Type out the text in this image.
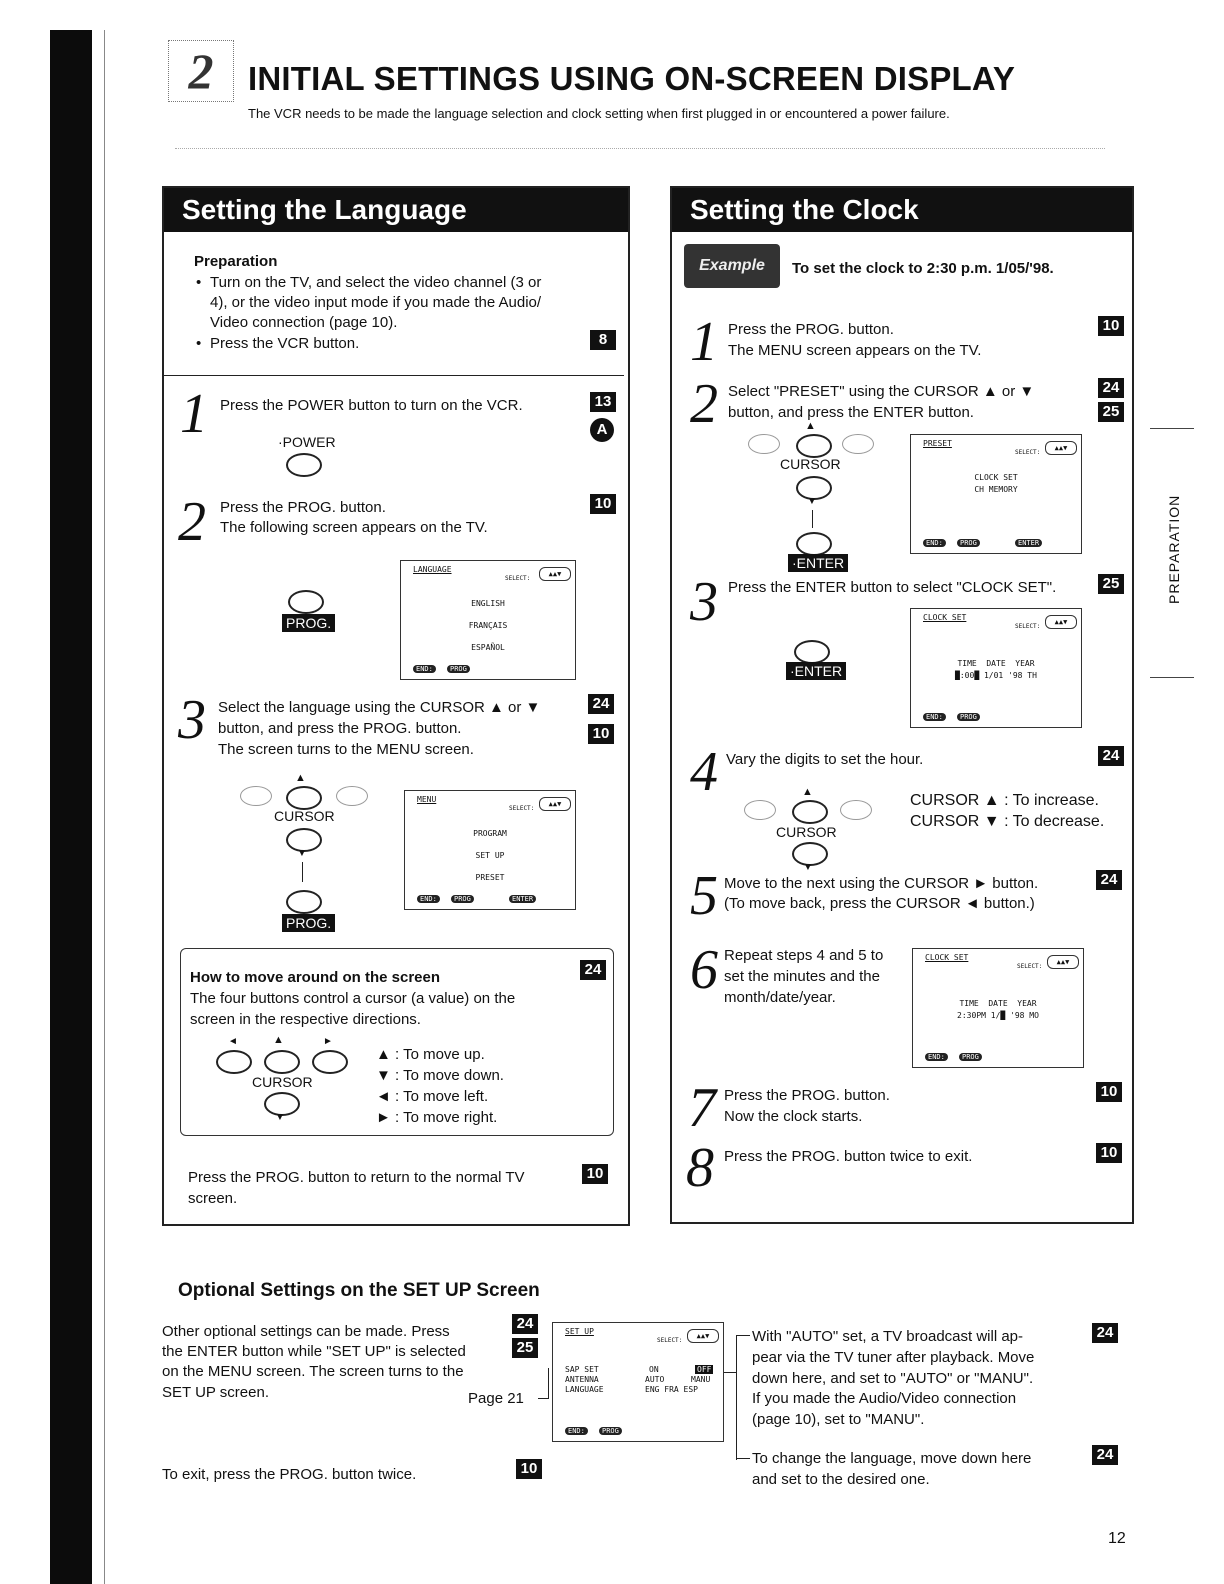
2	INITIAL SETTINGS USING ON-SCREEN DISPLAY
The VCR needs to be made the language selection and clock setting when first plugged in or encountered a power failure.
PREPARATION
Setting the Language
Preparation
• Turn on the TV, and select the video channel (3 or
4), or the video input mode if you made the Audio/
Video connection (page 10).
• Press the VCR button.	8
1 Press the POWER button to turn on the VCR.	13
A
·POWER
2 Press the PROG. button.
The following screen appears on the TV.
10
PROG.
LANGUAGE
SELECT:
▲▲▼
ENGLISH
FRANÇAIS
ESPAÑOL
END:	PROG
3 Select the language using the CURSOR ▲ or ▼
button, and press the PROG. button.
The screen turns to the MENU screen.
24
10
▲
CURSOR
▼
PROG.
MENU
SELECT:
▲▲▼
PROGRAM
SET UP
PRESET
END:	PROG	ENTER
How to move around on the screen	24
The four buttons control a cursor (a value) on the
screen in the respective directions.
◄	▲	►
CURSOR
▼
▲ : To move up.
▼ : To move down.
◄ : To move left.
► : To move right.
Press the PROG. button to return to the normal TV
screen.
10
Setting the Clock
Example	To set the clock to 2:30 p.m. 1/05/'98.
1 Press the PROG. button.
The MENU screen appears on the TV.
10
2 Select "PRESET" using the CURSOR ▲ or ▼
button, and press the ENTER button.
24
25
▲
CURSOR
▼
·ENTER
PRESET
SELECT:
▲▲▼
CLOCK SET
CH MEMORY
END:	PROG	ENTER
3 Press the ENTER button to select "CLOCK SET".	25
·ENTER
CLOCK SET
SELECT:
▲▲▼
TIME  DATE  YEAR
█:00█ 1/01 '98 TH
END:	PROG
4 Vary the digits to set the hour.	24
▲
CURSOR
▼
CURSOR ▲ : To increase.
CURSOR ▼ : To decrease.
5 Move to the next using the CURSOR ► button.
(To move back, press the CURSOR ◄ button.)
24
6 Repeat steps 4 and 5 to
set the minutes and the
month/date/year.
CLOCK SET
SELECT:
▲▲▼
TIME  DATE  YEAR
2:30PM 1/█ '98 MO
END:	PROG
7 Press the PROG. button.
Now the clock starts.
10
8 Press the PROG. button twice to exit.	10
Optional Settings on the SET UP Screen
Other optional settings can be made. Press
the ENTER button while "SET UP" is selected
on the MENU screen. The screen turns to the
SET UP screen.
24
25
Page 21
SET UP
SELECT:
▲▲▼
SAP SET	ON	OFF
ANTENNA	AUTO	MANU
LANGUAGE	ENG FRA ESP
END:	PROG
With "AUTO" set, a TV broadcast will ap-
pear via the TV tuner after playback. Move
down here, and set to "AUTO" or "MANU".
If you made the Audio/Video connection
(page 10), set to "MANU".
24
To change the language, move down here
and set to the desired one.
24
To exit, press the PROG. button twice.	10
12
